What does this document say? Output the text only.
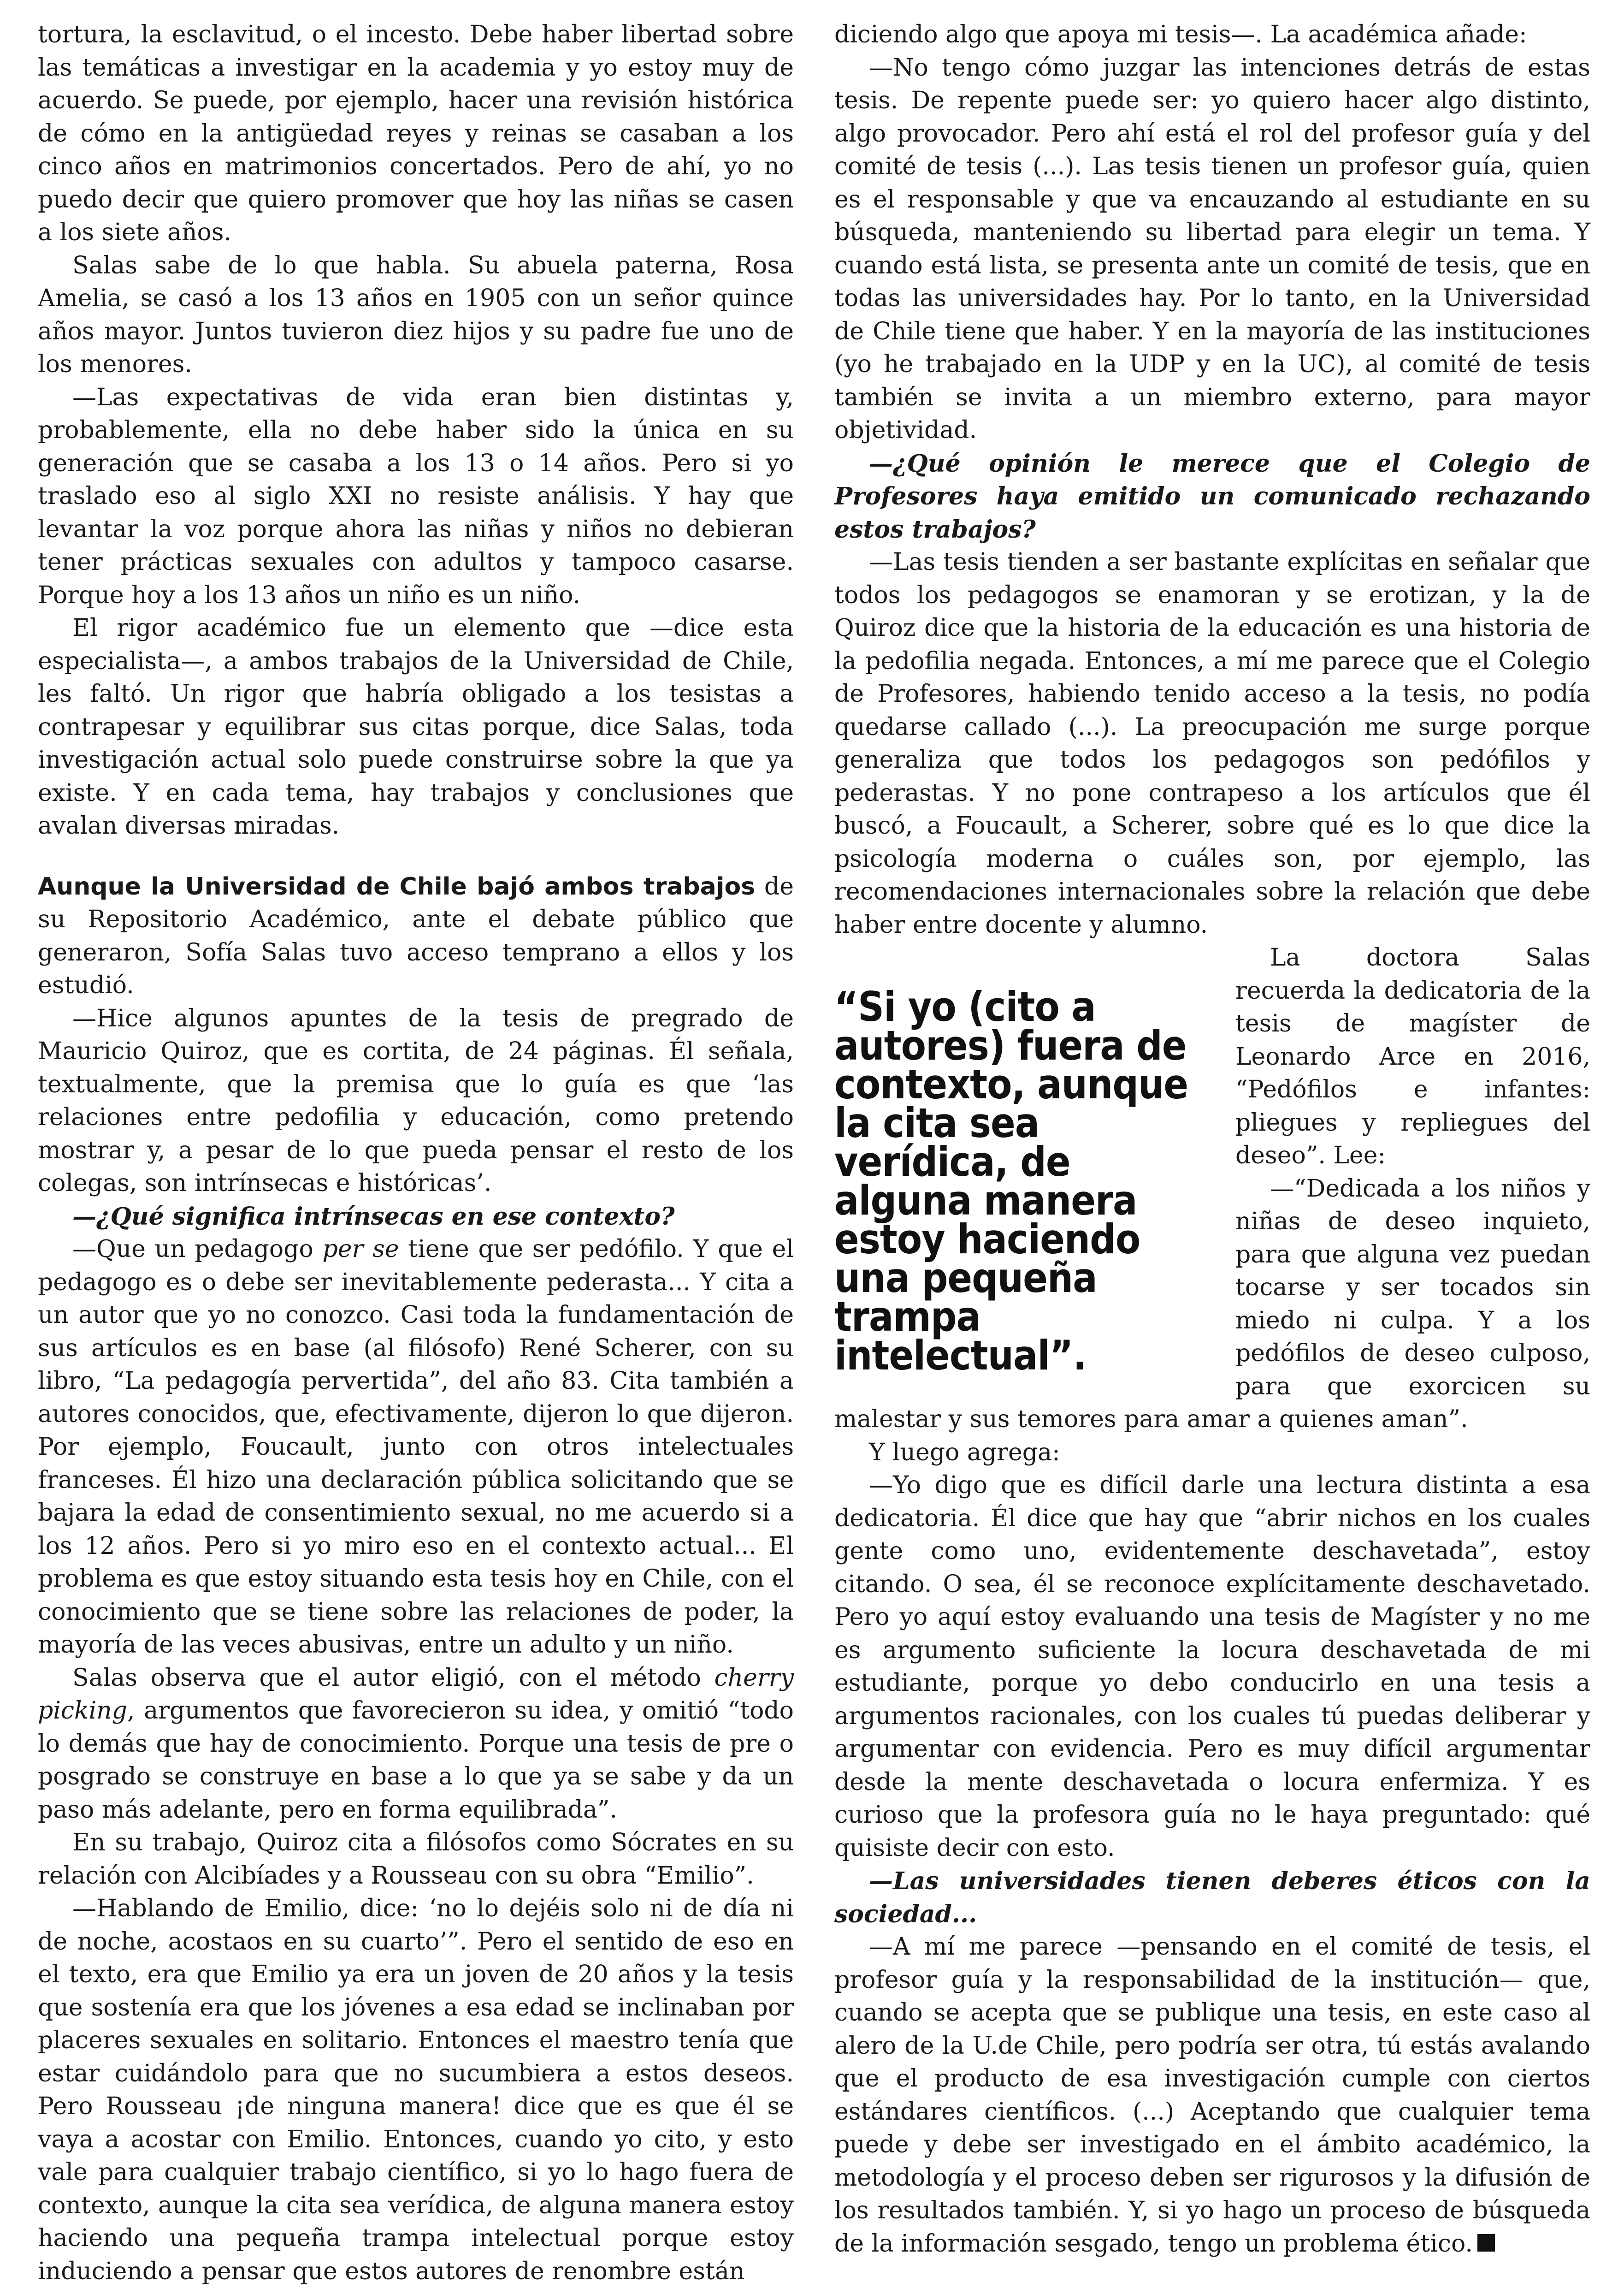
tortura, la esclavitud, o el incesto. Debe haber libertad sobre las temáticas a investigar en la academia y yo estoy muy de acuerdo. Se puede, por ejemplo, hacer una revisión histórica de cómo en la antigüedad reyes y reinas se casaban a los cinco años en matrimonios concertados. Pero de ahí, yo no puedo decir que quiero promover que hoy las niñas se casen a los siete años.

Salas sabe de lo que habla. Su abuela paterna, Rosa Amelia, se casó a los 13 años en 1905 con un señor quince años mayor. Juntos tuvieron diez hijos y su padre fue uno de los menores.

—Las expectativas de vida eran bien distintas y, probablemente, ella no debe haber sido la única en su generación que se casaba a los 13 o 14 años. Pero si yo traslado eso al siglo XXI no resiste análisis. Y hay que levantar la voz porque ahora las niñas y niños no debieran tener prácticas sexuales con adultos y tampoco casarse. Porque hoy a los 13 años un niño es un niño.

El rigor académico fue un elemento que —dice esta especialista—, a ambos trabajos de la Universidad de Chile, les faltó. Un rigor que habría obligado a los tesistas a contrapesar y equilibrar sus citas porque, dice Salas, toda investigación actual solo puede construirse sobre la que ya existe. Y en cada tema, hay trabajos y conclusiones que avalan diversas miradas.

Aunque la Universidad de Chile bajó ambos trabajos de su Repositorio Académico, ante el debate público que generaron, Sofía Salas tuvo acceso temprano a ellos y los estudió.

—Hice algunos apuntes de la tesis de pregrado de Mauricio Quiroz, que es cortita, de 24 páginas. Él señala, textualmente, que la premisa que lo guía es que ‘las relaciones entre pedofilia y educación, como pretendo mostrar y, a pesar de lo que pueda pensar el resto de los colegas, son intrínsecas e históricas’.

—¿Qué significa intrínsecas en ese contexto?

—Que un pedagogo per se tiene que ser pedófilo. Y que el pedagogo es o debe ser inevitablemente pederasta... Y cita a un autor que yo no conozco. Casi toda la fundamentación de sus artículos es en base (al filósofo) René Scherer, con su libro, “La pedagogía pervertida”, del año 83. Cita también a autores conocidos, que, efectivamente, dijeron lo que dijeron. Por ejemplo, Foucault, junto con otros intelectuales franceses. Él hizo una declaración pública solicitando que se bajara la edad de consentimiento sexual, no me acuerdo si a los 12 años. Pero si yo miro eso en el contexto actual... El problema es que estoy situando esta tesis hoy en Chile, con el conocimiento que se tiene sobre las relaciones de poder, la mayoría de las veces abusivas, entre un adulto y un niño.

Salas observa que el autor eligió, con el método cherry picking, argumentos que favorecieron su idea, y omitió “todo lo demás que hay de conocimiento. Porque una tesis de pre o posgrado se construye en base a lo que ya se sabe y da un paso más adelante, pero en forma equilibrada”.

En su trabajo, Quiroz cita a filósofos como Sócrates en su relación con Alcibíades y a Rousseau con su obra “Emilio”.

—Hablando de Emilio, dice: ‘no lo dejéis solo ni de día ni de noche, acostaos en su cuarto’”. Pero el sentido de eso en el texto, era que Emilio ya era un joven de 20 años y la tesis que sostenía era que los jóvenes a esa edad se inclinaban por placeres sexuales en solitario. Entonces el maestro tenía que estar cuidándolo para que no sucumbiera a estos deseos. Pero Rousseau ¡de ninguna manera! dice que es que él se vaya a acostar con Emilio. Entonces, cuando yo cito, y esto vale para cualquier trabajo científico, si yo lo hago fuera de contexto, aunque la cita sea verídica, de alguna manera estoy haciendo una pequeña trampa intelectual porque estoy induciendo a pensar que estos autores de renombre están

diciendo algo que apoya mi tesis—. La académica añade:

—No tengo cómo juzgar las intenciones detrás de estas tesis. De repente puede ser: yo quiero hacer algo distinto, algo provocador. Pero ahí está el rol del profesor guía y del comité de tesis (...). Las tesis tienen un profesor guía, quien es el responsable y que va encauzando al estudiante en su búsqueda, manteniendo su libertad para elegir un tema. Y cuando está lista, se presenta ante un comité de tesis, que en todas las universidades hay. Por lo tanto, en la Universidad de Chile tiene que haber. Y en la mayoría de las instituciones (yo he trabajado en la UDP y en la UC), al comité de tesis también se invita a un miembro externo, para mayor objetividad.

—¿Qué opinión le merece que el Colegio de Profesores haya emitido un comunicado rechazando estos trabajos?

—Las tesis tienden a ser bastante explícitas en señalar que todos los pedagogos se enamoran y se erotizan, y la de Quiroz dice que la historia de la educación es una historia de la pedofilia negada. Entonces, a mí me parece que el Colegio de Profesores, habiendo tenido acceso a la tesis, no podía quedarse callado (...). La preocupación me surge porque generaliza que todos los pedagogos son pedófilos y pederastas. Y no pone contrapeso a los artículos que él buscó, a Foucault, a Scherer, sobre qué es lo que dice la psicología moderna o cuáles son, por ejemplo, las recomendaciones internacionales sobre la relación que debe haber entre docente y alumno.

“Si yo (cito a autores) fuera de contexto, aunque la cita sea verídica, de alguna manera estoy haciendo una pequeña trampa intelectual”.

La doctora Salas recuerda la dedicatoria de la tesis de magíster de Leonardo Arce en 2016, “Pedófilos e infantes: pliegues y repliegues del deseo”. Lee:

—“Dedicada a los niños y niñas de deseo inquieto, para que alguna vez puedan tocarse y ser tocados sin miedo ni culpa. Y a los pedófilos de deseo culposo, para que exorcicen su malestar y sus temores para amar a quienes aman”.

Y luego agrega:

—Yo digo que es difícil darle una lectura distinta a esa dedicatoria. Él dice que hay que “abrir nichos en los cuales gente como uno, evidentemente deschavetada”, estoy citando. O sea, él se reconoce explícitamente deschavetado. Pero yo aquí estoy evaluando una tesis de Magíster y no me es argumento suficiente la locura deschavetada de mi estudiante, porque yo debo conducirlo en una tesis a argumentos racionales, con los cuales tú puedas deliberar y argumentar con evidencia. Pero es muy difícil argumentar desde la mente deschavetada o locura enfermiza. Y es curioso que la profesora guía no le haya preguntado: qué quisiste decir con esto.

—Las universidades tienen deberes éticos con la sociedad...

—A mí me parece —pensando en el comité de tesis, el profesor guía y la responsabilidad de la institución— que, cuando se acepta que se publique una tesis, en este caso al alero de la U.de Chile, pero podría ser otra, tú estás avalando que el producto de esa investigación cumple con ciertos estándares científicos. (...) Aceptando que cualquier tema puede y debe ser investigado en el ámbito académico, la metodología y el proceso deben ser rigurosos y la difusión de los resultados también. Y, si yo hago un proceso de búsqueda de la información sesgado, tengo un problema ético.
